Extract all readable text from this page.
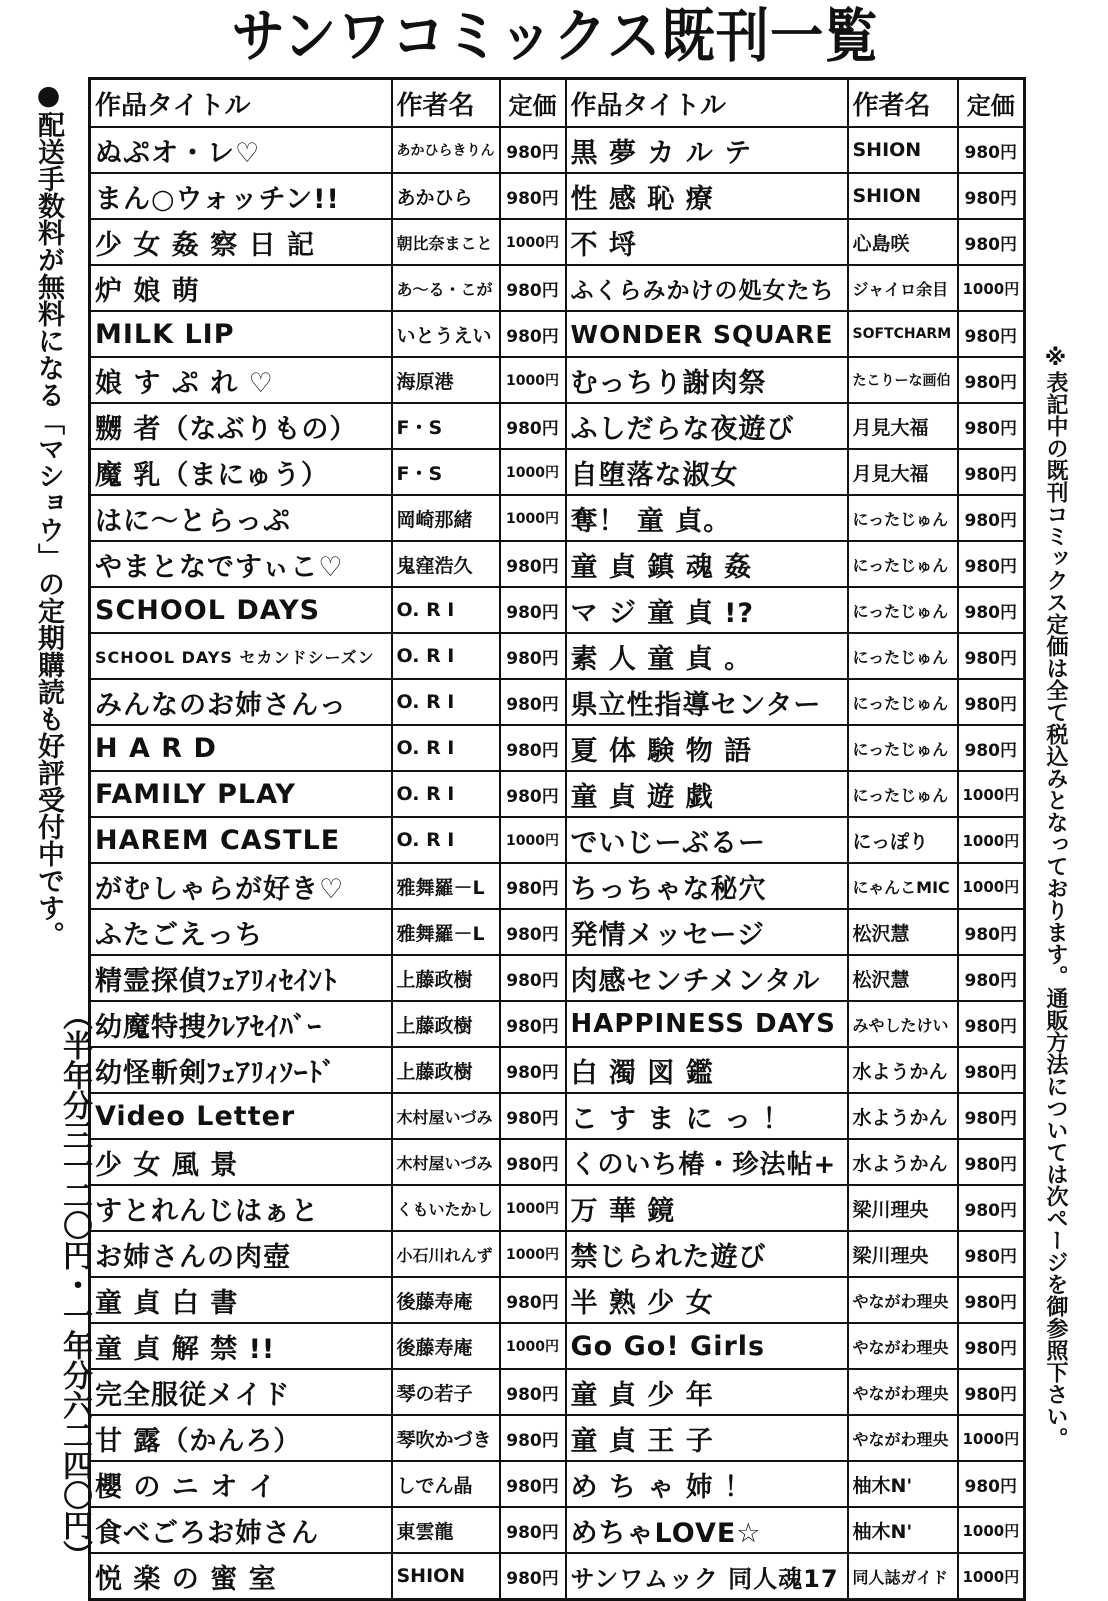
サンワコミックス既刊一覧
●配送手数料が無料になる「マショウ」の定期購読も好評受付中です。
（半年分三一二〇円・一年分六二四〇円）	※表記中の既刊コミックス定価は全て税込みとなっております。通販方法については次ページを御参照下さい。
作品タイトル	作者名	定価	作品タイトル	作者名	定価
ぬぷオ・レ♡	あかひらきりん	980円	黒 夢 カ ル テ	SHION	980円
まん○ウォッチン!!	あかひら	980円	性 感 恥 療	SHION	980円
少 女 姦 察 日 記	朝比奈まこと	1000円	不 埒	心島咲	980円
炉 娘 萌	あ～る・こが	980円	ふくらみかけの処女たち	ジャイロ余目	1000円
MILK LIP	いとうえい	980円	WONDER SQUARE	SOFTCHARM	980円
娘 す ぷ れ ♡	海原港	1000円	むっちり謝肉祭	たこりーな画伯	980円
嬲 者（なぶりもの）	F・S	980円	ふしだらな夜遊び	月見大福	980円
魔 乳（まにゅう）	F・S	1000円	自堕落な淑女	月見大福	980円
はに～とらっぷ	岡崎那緒	1000円	奪！ 童 貞。	にったじゅん	980円
やまとなですぃこ♡	鬼窪浩久	980円	童 貞 鎮 魂 姦	にったじゅん	980円
SCHOOL DAYS	O. R I	980円	マ ジ 童 貞 !?	にったじゅん	980円
SCHOOL DAYS セカンドシーズン	O. R I	980円	素 人 童 貞 。	にったじゅん	980円
みんなのお姉さんっ	O. R I	980円	県立性指導センター	にったじゅん	980円
H A R D	O. R I	980円	夏 体 験 物 語	にったじゅん	980円
FAMILY PLAY	O. R I	980円	童 貞 遊 戯	にったじゅん	1000円
HAREM CASTLE	O. R I	1000円	でいじーぶるー	にっぽり	1000円
がむしゃらが好き♡	雅舞羅－L	980円	ちっちゃな秘穴	にゃんこMIC	1000円
ふたごえっち	雅舞羅－L	980円	発情メッセージ	松沢慧	980円
精霊探偵ﾌｪｱﾘｨｾｲﾝﾄ	上藤政樹	980円	肉感センチメンタル	松沢慧	980円
幼魔特捜ｸﾚｱｾｲﾊﾞｰ	上藤政樹	980円	HAPPINESS DAYS	みやしたけい	980円
幼怪斬剣ﾌｪｱﾘｨｿｰﾄﾞ	上藤政樹	980円	白 濁 図 鑑	水ようかん	980円
Video Letter	木村屋いづみ	980円	こ す ま に っ ！	水ようかん	980円
少 女 風 景	木村屋いづみ	980円	くのいち椿・珍法帖+	水ようかん	980円
すとれんじはぁと	くもいたかし	1000円	万 華 鏡	梁川理央	980円
お姉さんの肉壺	小石川れんず	1000円	禁じられた遊び	梁川理央	980円
童 貞 白 書	後藤寿庵	980円	半 熟 少 女	やながわ理央	980円
童 貞 解 禁 !!	後藤寿庵	1000円	Go Go! Girls	やながわ理央	980円
完全服従メイド	琴の若子	980円	童 貞 少 年	やながわ理央	980円
甘 露（かんろ）	琴吹かづき	980円	童 貞 王 子	やながわ理央	1000円
櫻 の ニ オ イ	しでん晶	980円	め ち ゃ 姉 ！	柚木N'	980円
食べごろお姉さん	東雲龍	980円	めちゃLOVE☆	柚木N'	1000円
悦 楽 の 蜜 室	SHION	980円	サンワムック 同人魂17	同人誌ガイド	1000円
